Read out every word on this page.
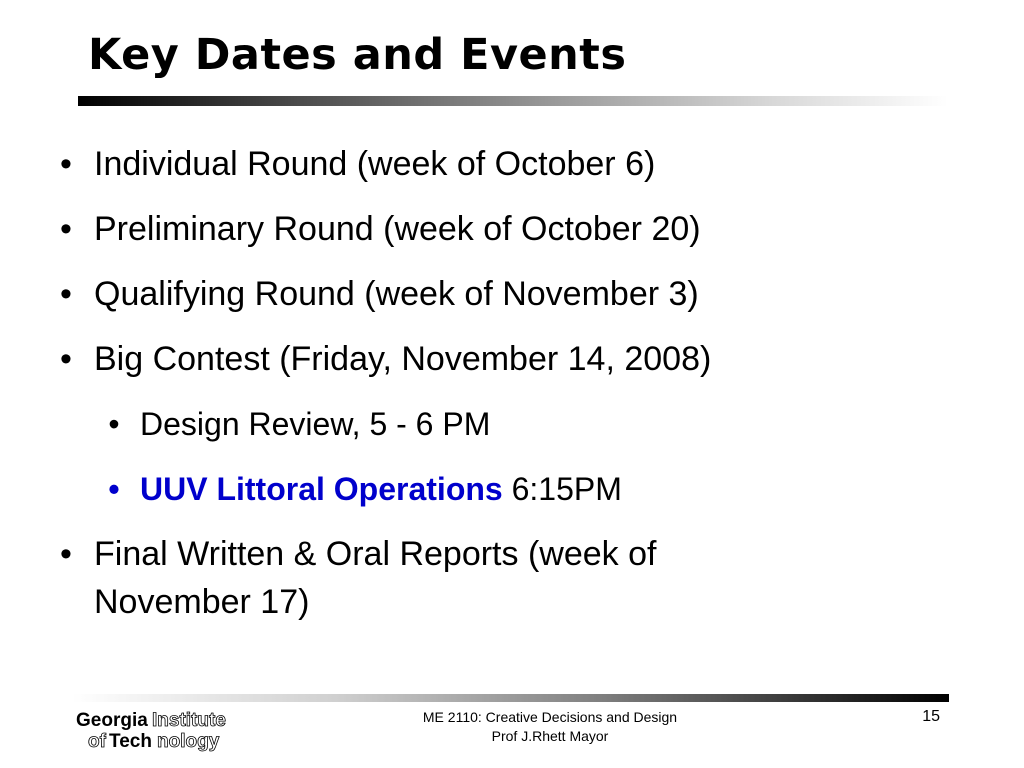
Key Dates and Events
• Individual Round (week of October 6)
• Preliminary Round (week of October 20)
• Qualifying Round (week of November 3)
• Big Contest (Friday, November 14, 2008)
• Design Review, 5 - 6 PM
• UUV Littoral Operations 6:15PM
• Final Written & Oral Reports (week of November 17)
Georgia Institute
of Tech nology
ME 2110: Creative Decisions and Design
Prof J.Rhett Mayor
15
